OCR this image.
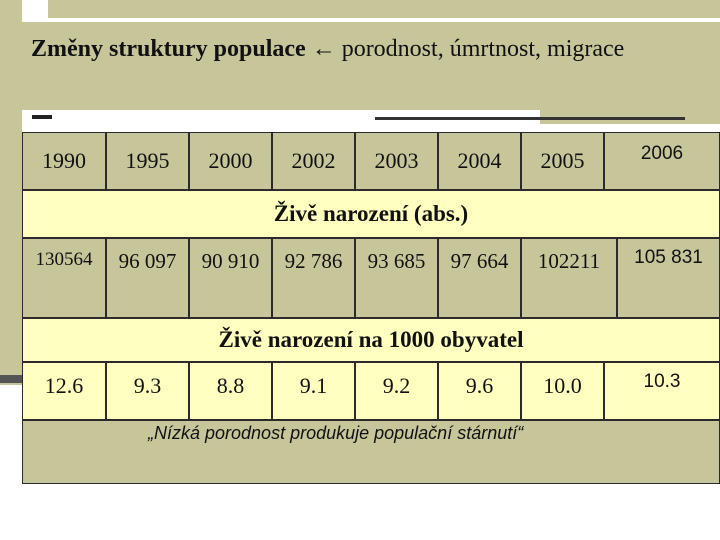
Změny struktury populace ← porodnost, úmrtnost, migrace
1990	1995	2000	2002	2003	2004	2005	2006
Živě narození (abs.)
130564	96 097	90 910	92 786	93 685	97 664	102211	105 831
Živě narození na 1000 obyvatel
12.6	9.3	8.8	9.1	9.2	9.6	10.0	10.3
„Nízká porodnost produkuje populační stárnutí“
